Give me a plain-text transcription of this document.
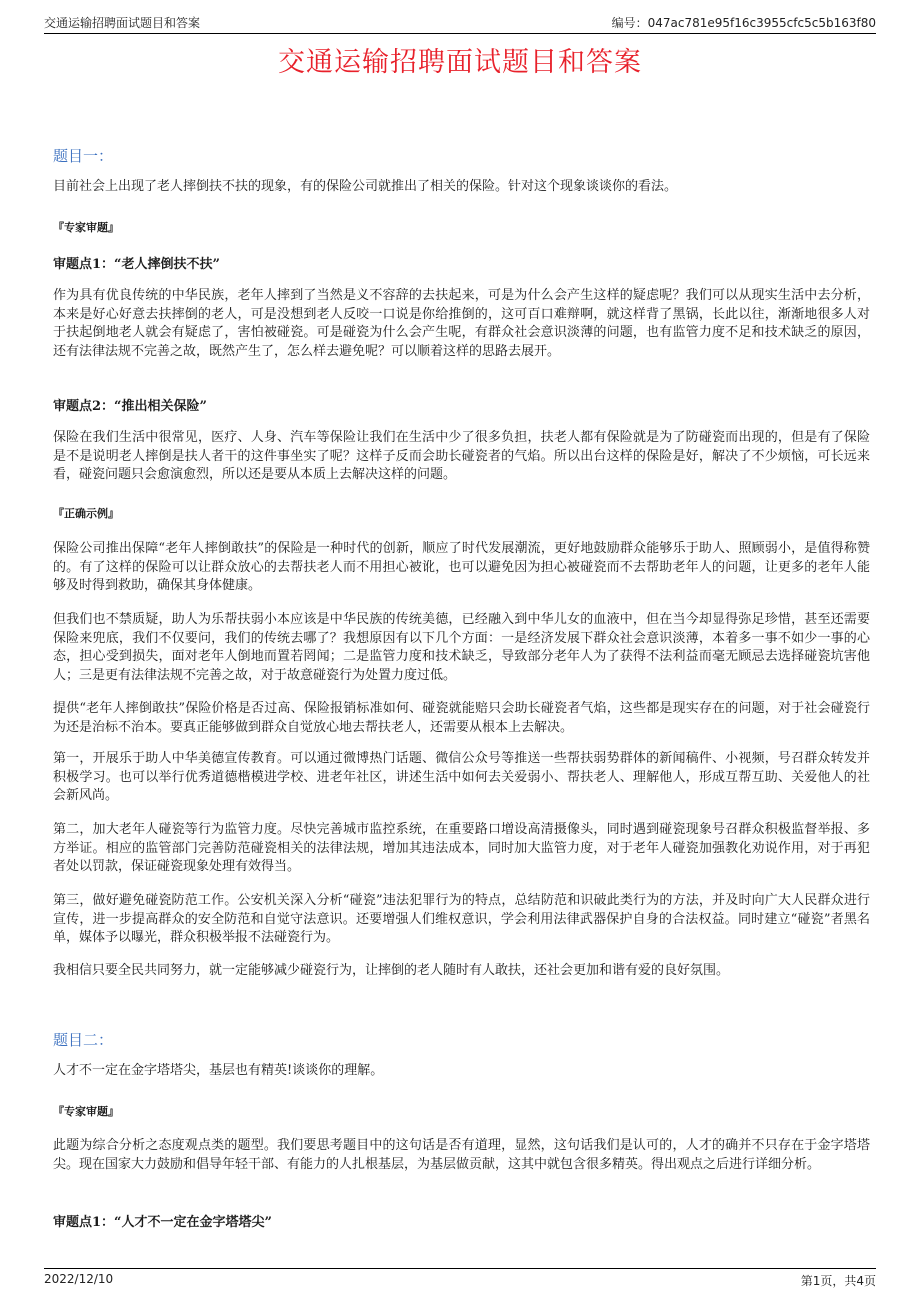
交通运输招聘面试题目和答案	编号：047ac781e95f16c3955cfc5c5b163f80
交通运输招聘面试题目和答案
题目一：
目前社会上出现了老人摔倒扶不扶的现象，有的保险公司就推出了相关的保险。针对这个现象谈谈你的看法。
『专家审题』
审题点1：“老人摔倒扶不扶”
作为具有优良传统的中华民族，老年人摔到了当然是义不容辞的去扶起来，可是为什么会产生这样的疑虑呢？我们可以从现实生活中去分析，本来是好心好意去扶摔倒的老人，可是没想到老人反咬一口说是你给推倒的，这可百口难辩啊，就这样背了黑锅，长此以往，渐渐地很多人对于扶起倒地老人就会有疑虑了，害怕被碰瓷。可是碰瓷为什么会产生呢，有群众社会意识淡薄的问题，也有监管力度不足和技术缺乏的原因，还有法律法规不完善之故，既然产生了，怎么样去避免呢？可以顺着这样的思路去展开。
审题点2：“推出相关保险”
保险在我们生活中很常见，医疗、人身、汽车等保险让我们在生活中少了很多负担，扶老人都有保险就是为了防碰瓷而出现的，但是有了保险是不是说明老人摔倒是扶人者干的这件事坐实了呢？这样子反而会助长碰瓷者的气焰。所以出台这样的保险是好，解决了不少烦恼，可长远来看，碰瓷问题只会愈演愈烈，所以还是要从本质上去解决这样的问题。
『正确示例』
保险公司推出保障“老年人摔倒敢扶”的保险是一种时代的创新，顺应了时代发展潮流，更好地鼓励群众能够乐于助人、照顾弱小，是值得称赞的。有了这样的保险可以让群众放心的去帮扶老人而不用担心被讹，也可以避免因为担心被碰瓷而不去帮助老年人的问题，让更多的老年人能够及时得到救助，确保其身体健康。
但我们也不禁质疑，助人为乐帮扶弱小本应该是中华民族的传统美德，已经融入到中华儿女的血液中，但在当今却显得弥足珍惜，甚至还需要保险来兜底，我们不仅要问，我们的传统去哪了？我想原因有以下几个方面：一是经济发展下群众社会意识淡薄，本着多一事不如少一事的心态，担心受到损失，面对老年人倒地而置若罔闻；二是监管力度和技术缺乏，导致部分老年人为了获得不法利益而毫无顾忌去选择碰瓷坑害他人；三是更有法律法规不完善之故，对于故意碰瓷行为处置力度过低。
提供“老年人摔倒敢扶”保险价格是否过高、保险报销标准如何、碰瓷就能赔只会助长碰瓷者气焰，这些都是现实存在的问题，对于社会碰瓷行为还是治标不治本。要真正能够做到群众自觉放心地去帮扶老人，还需要从根本上去解决。
第一，开展乐于助人中华美德宣传教育。可以通过微博热门话题、微信公众号等推送一些帮扶弱势群体的新闻稿件、小视频，号召群众转发并积极学习。也可以举行优秀道德楷模进学校、进老年社区，讲述生活中如何去关爱弱小、帮扶老人、理解他人，形成互帮互助、关爱他人的社会新风尚。
第二，加大老年人碰瓷等行为监管力度。尽快完善城市监控系统，在重要路口增设高清摄像头，同时遇到碰瓷现象号召群众积极监督举报、多方举证。相应的监管部门完善防范碰瓷相关的法律法规，增加其违法成本，同时加大监管力度，对于老年人碰瓷加强教化劝说作用，对于再犯者处以罚款，保证碰瓷现象处理有效得当。
第三，做好避免碰瓷防范工作。公安机关深入分析“碰瓷”违法犯罪行为的特点，总结防范和识破此类行为的方法，并及时向广大人民群众进行宣传，进一步提高群众的安全防范和自觉守法意识。还要增强人们维权意识，学会利用法律武器保护自身的合法权益。同时建立“碰瓷”者黑名单，媒体予以曝光，群众积极举报不法碰瓷行为。
我相信只要全民共同努力，就一定能够减少碰瓷行为，让摔倒的老人随时有人敢扶，还社会更加和谐有爱的良好氛围。
题目二：
人才不一定在金字塔塔尖，基层也有精英!谈谈你的理解。
『专家审题』
此题为综合分析之态度观点类的题型。我们要思考题目中的这句话是否有道理，显然，这句话我们是认可的，人才的确并不只存在于金字塔塔尖。现在国家大力鼓励和倡导年轻干部、有能力的人扎根基层，为基层做贡献，这其中就包含很多精英。得出观点之后进行详细分析。
审题点1：“人才不一定在金字塔塔尖”
2022/12/10	第1页，共4页
